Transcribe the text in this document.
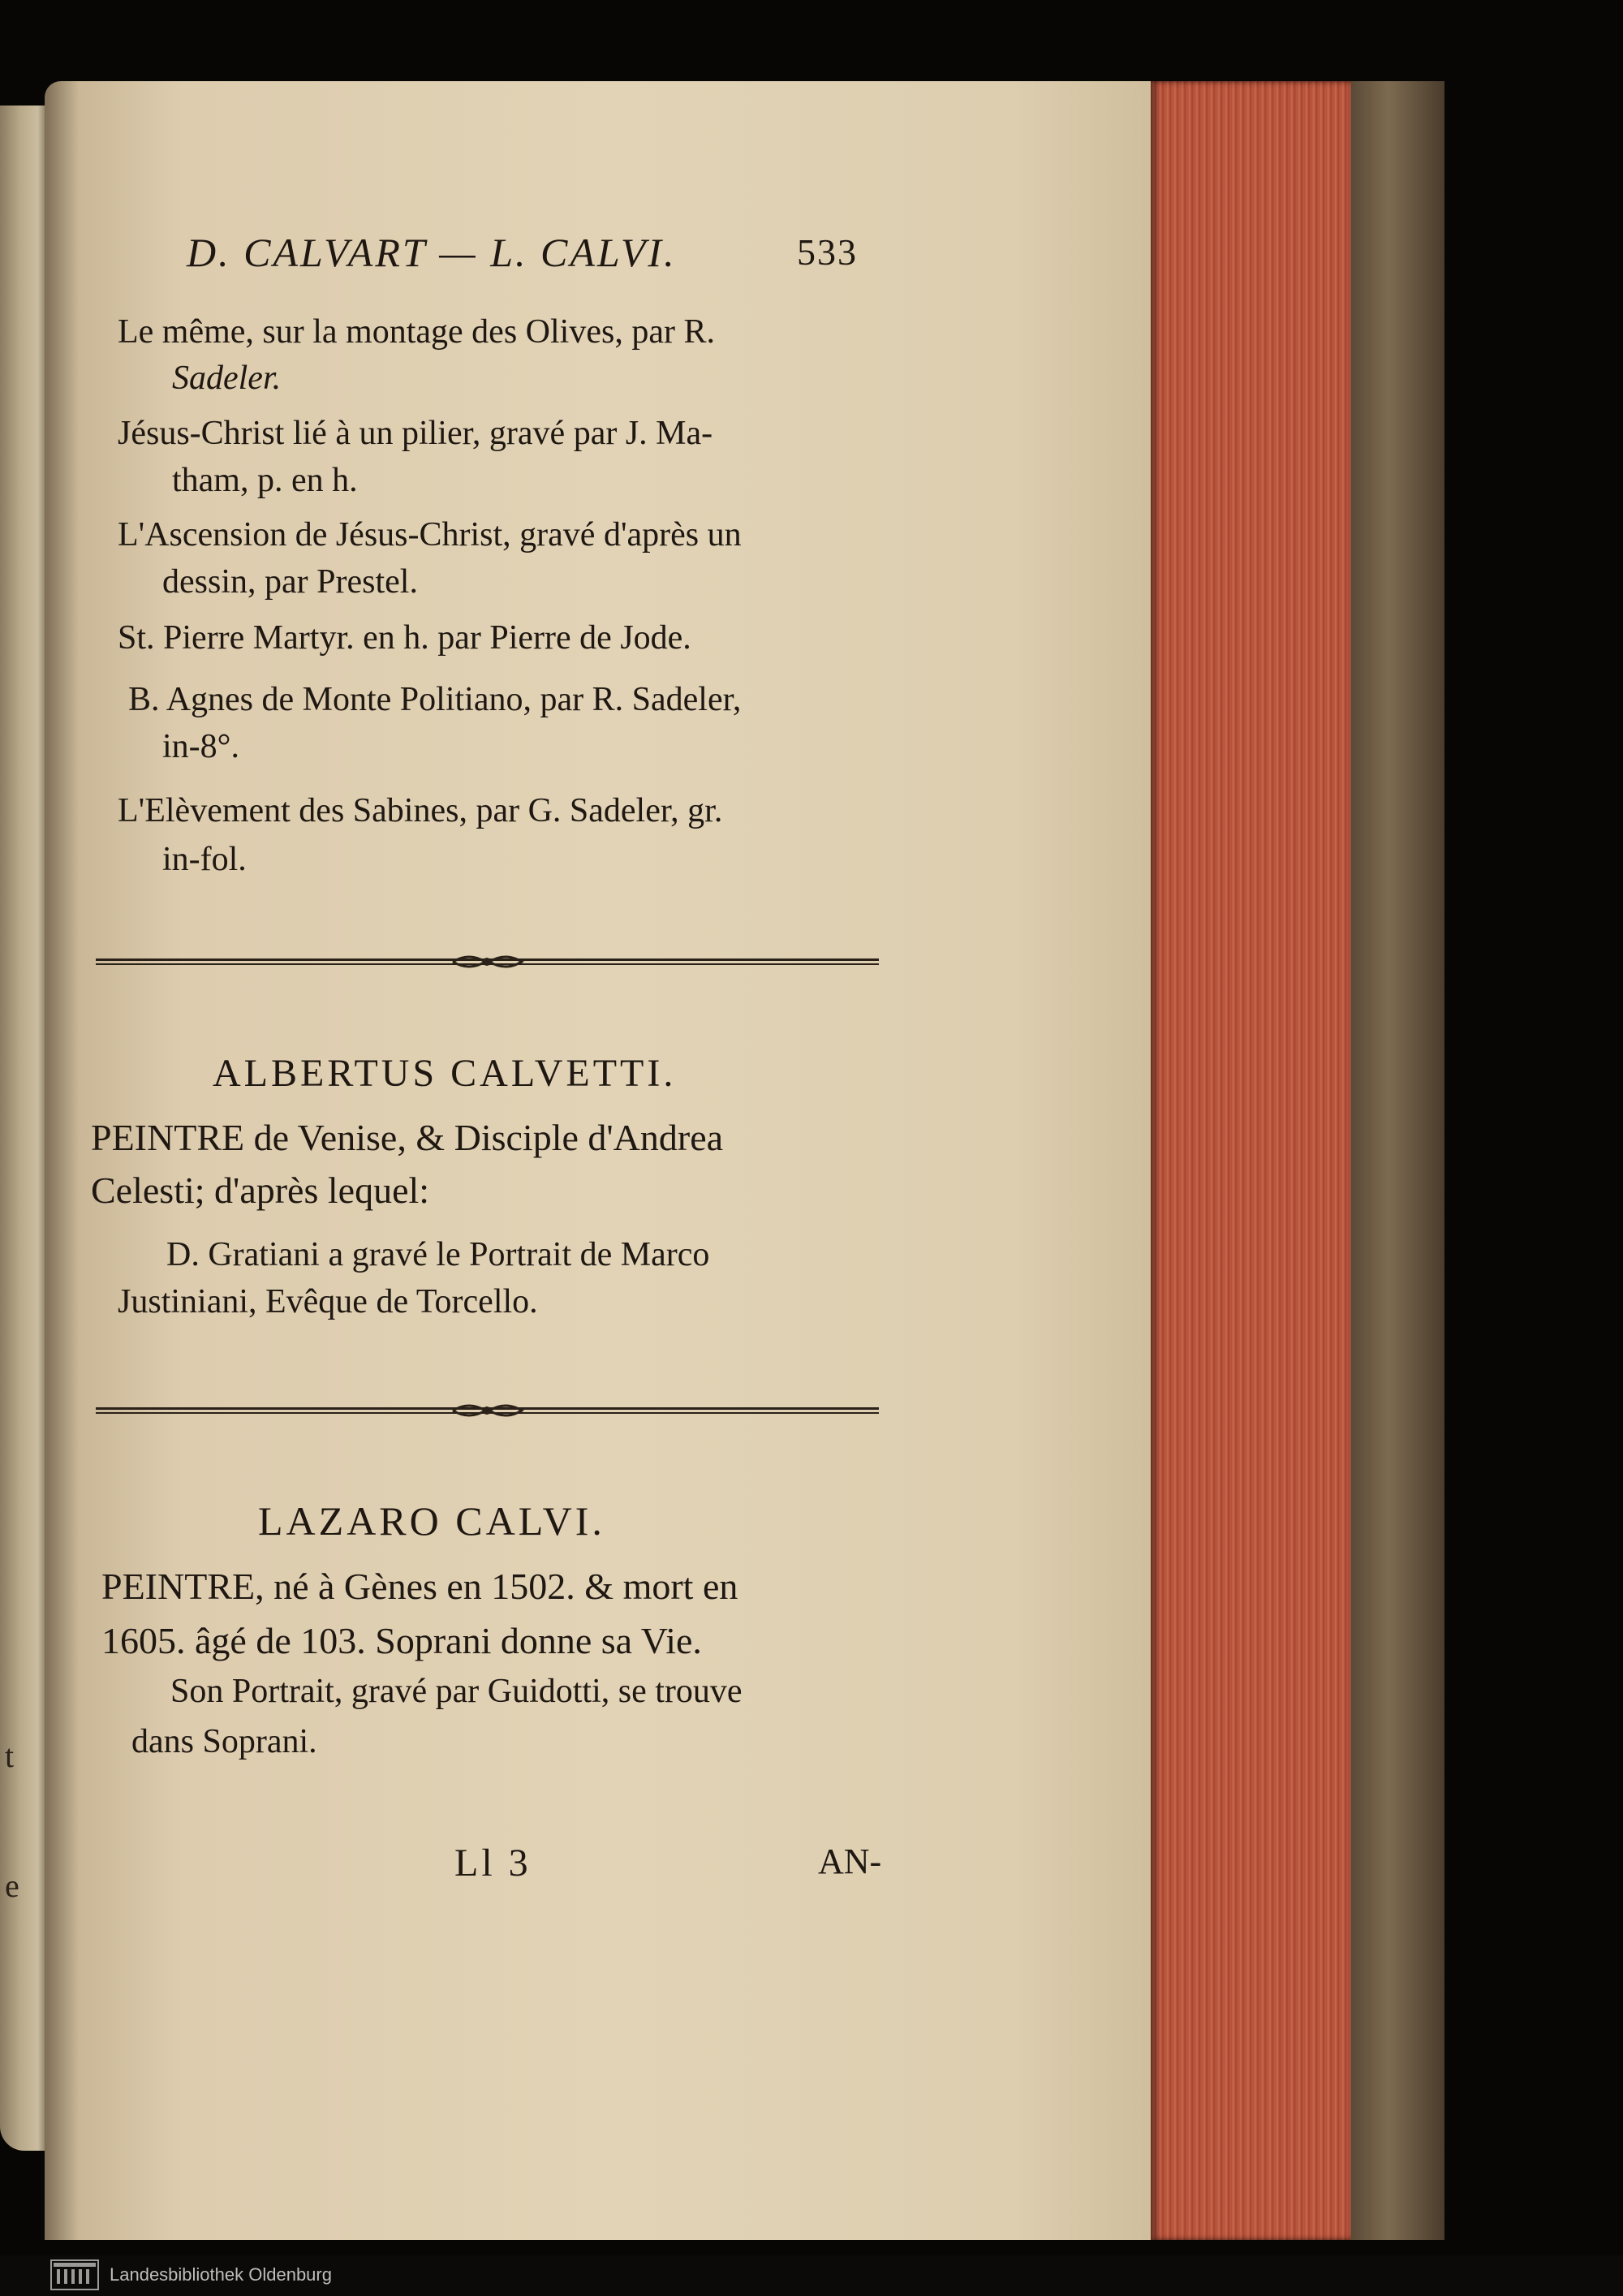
t
e
D. CALVART — L. CALVI.	533
Le même, sur la montage des Olives, par R.
Sadeler.
Jésus-Christ lié à un pilier, gravé par J. Ma-
tham, p. en h.
L'Ascension de Jésus-Christ, gravé d'après un
dessin, par Prestel.
St. Pierre Martyr. en h. par Pierre de Jode.
B. Agnes de Monte Politiano, par R. Sadeler,
in-8°.
L'Elèvement des Sabines, par G. Sadeler, gr.
in-fol.
ALBERTUS CALVETTI.
PEINTRE de Venise, & Disciple d'Andrea
Celesti; d'après lequel:
D. Gratiani a gravé le Portrait de Marco
Justiniani, Evêque de Torcello.
LAZARO CALVI.
PEINTRE, né à Gènes en 1502. & mort en
1605. âgé de 103. Soprani donne sa Vie.
Son Portrait, gravé par Guidotti, se trouve
dans Soprani.
Ll 3	AN-
Landesbibliothek Oldenburg
